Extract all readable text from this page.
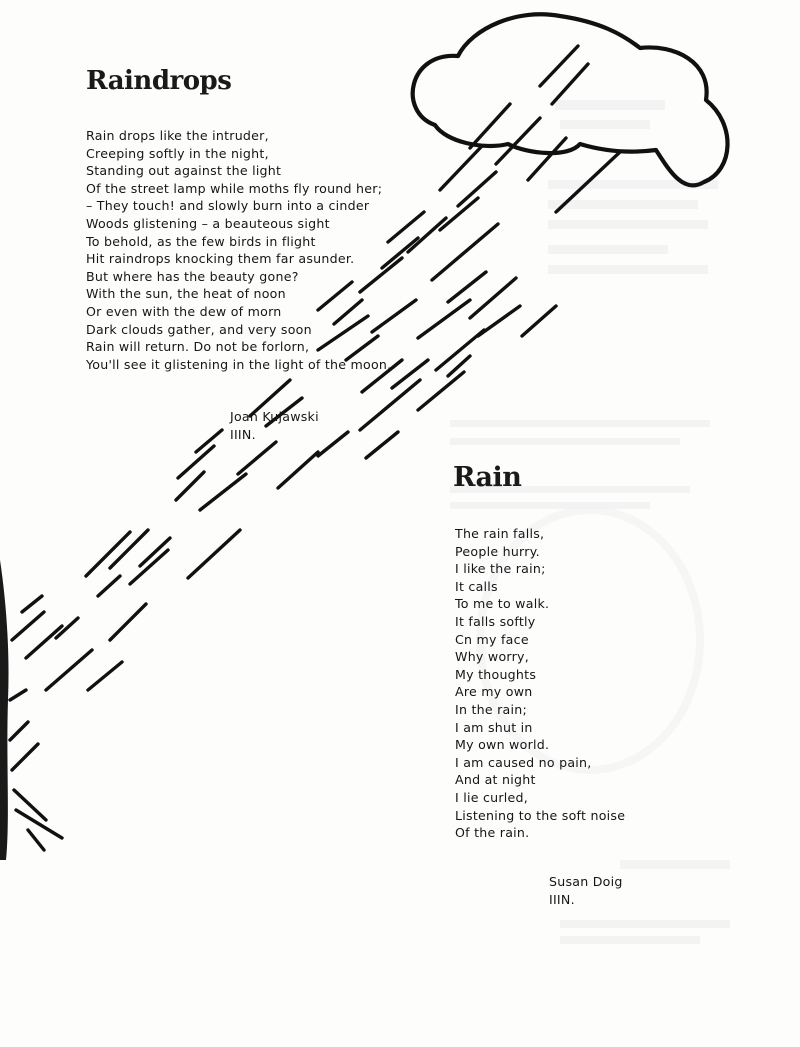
Raindrops
Rain drops like the intruder,
Creeping softly in the night,
Standing out against the light
Of the street lamp while moths fly round her;
– They touch! and slowly burn into a cinder
Woods glistening – a beauteous sight
To behold, as the few birds in flight
Hit raindrops knocking them far asunder.
But where has the beauty gone?
With the sun, the heat of noon
Or even with the dew of morn
Dark clouds gather, and very soon
Rain will return. Do not be forlorn,
You'll see it glistening in the light of the moon.
Joan Kujawski
IIIN.
Rain
The rain falls,
People hurry.
I like the rain;
It calls
To me to walk.
It falls softly
Cn my face
Why worry,
My thoughts
Are my own
In the rain;
I am shut in
My own world.
I am caused no pain,
And at night
I lie curled,
Listening to the soft noise
Of the rain.
Susan Doig
IIIN.
